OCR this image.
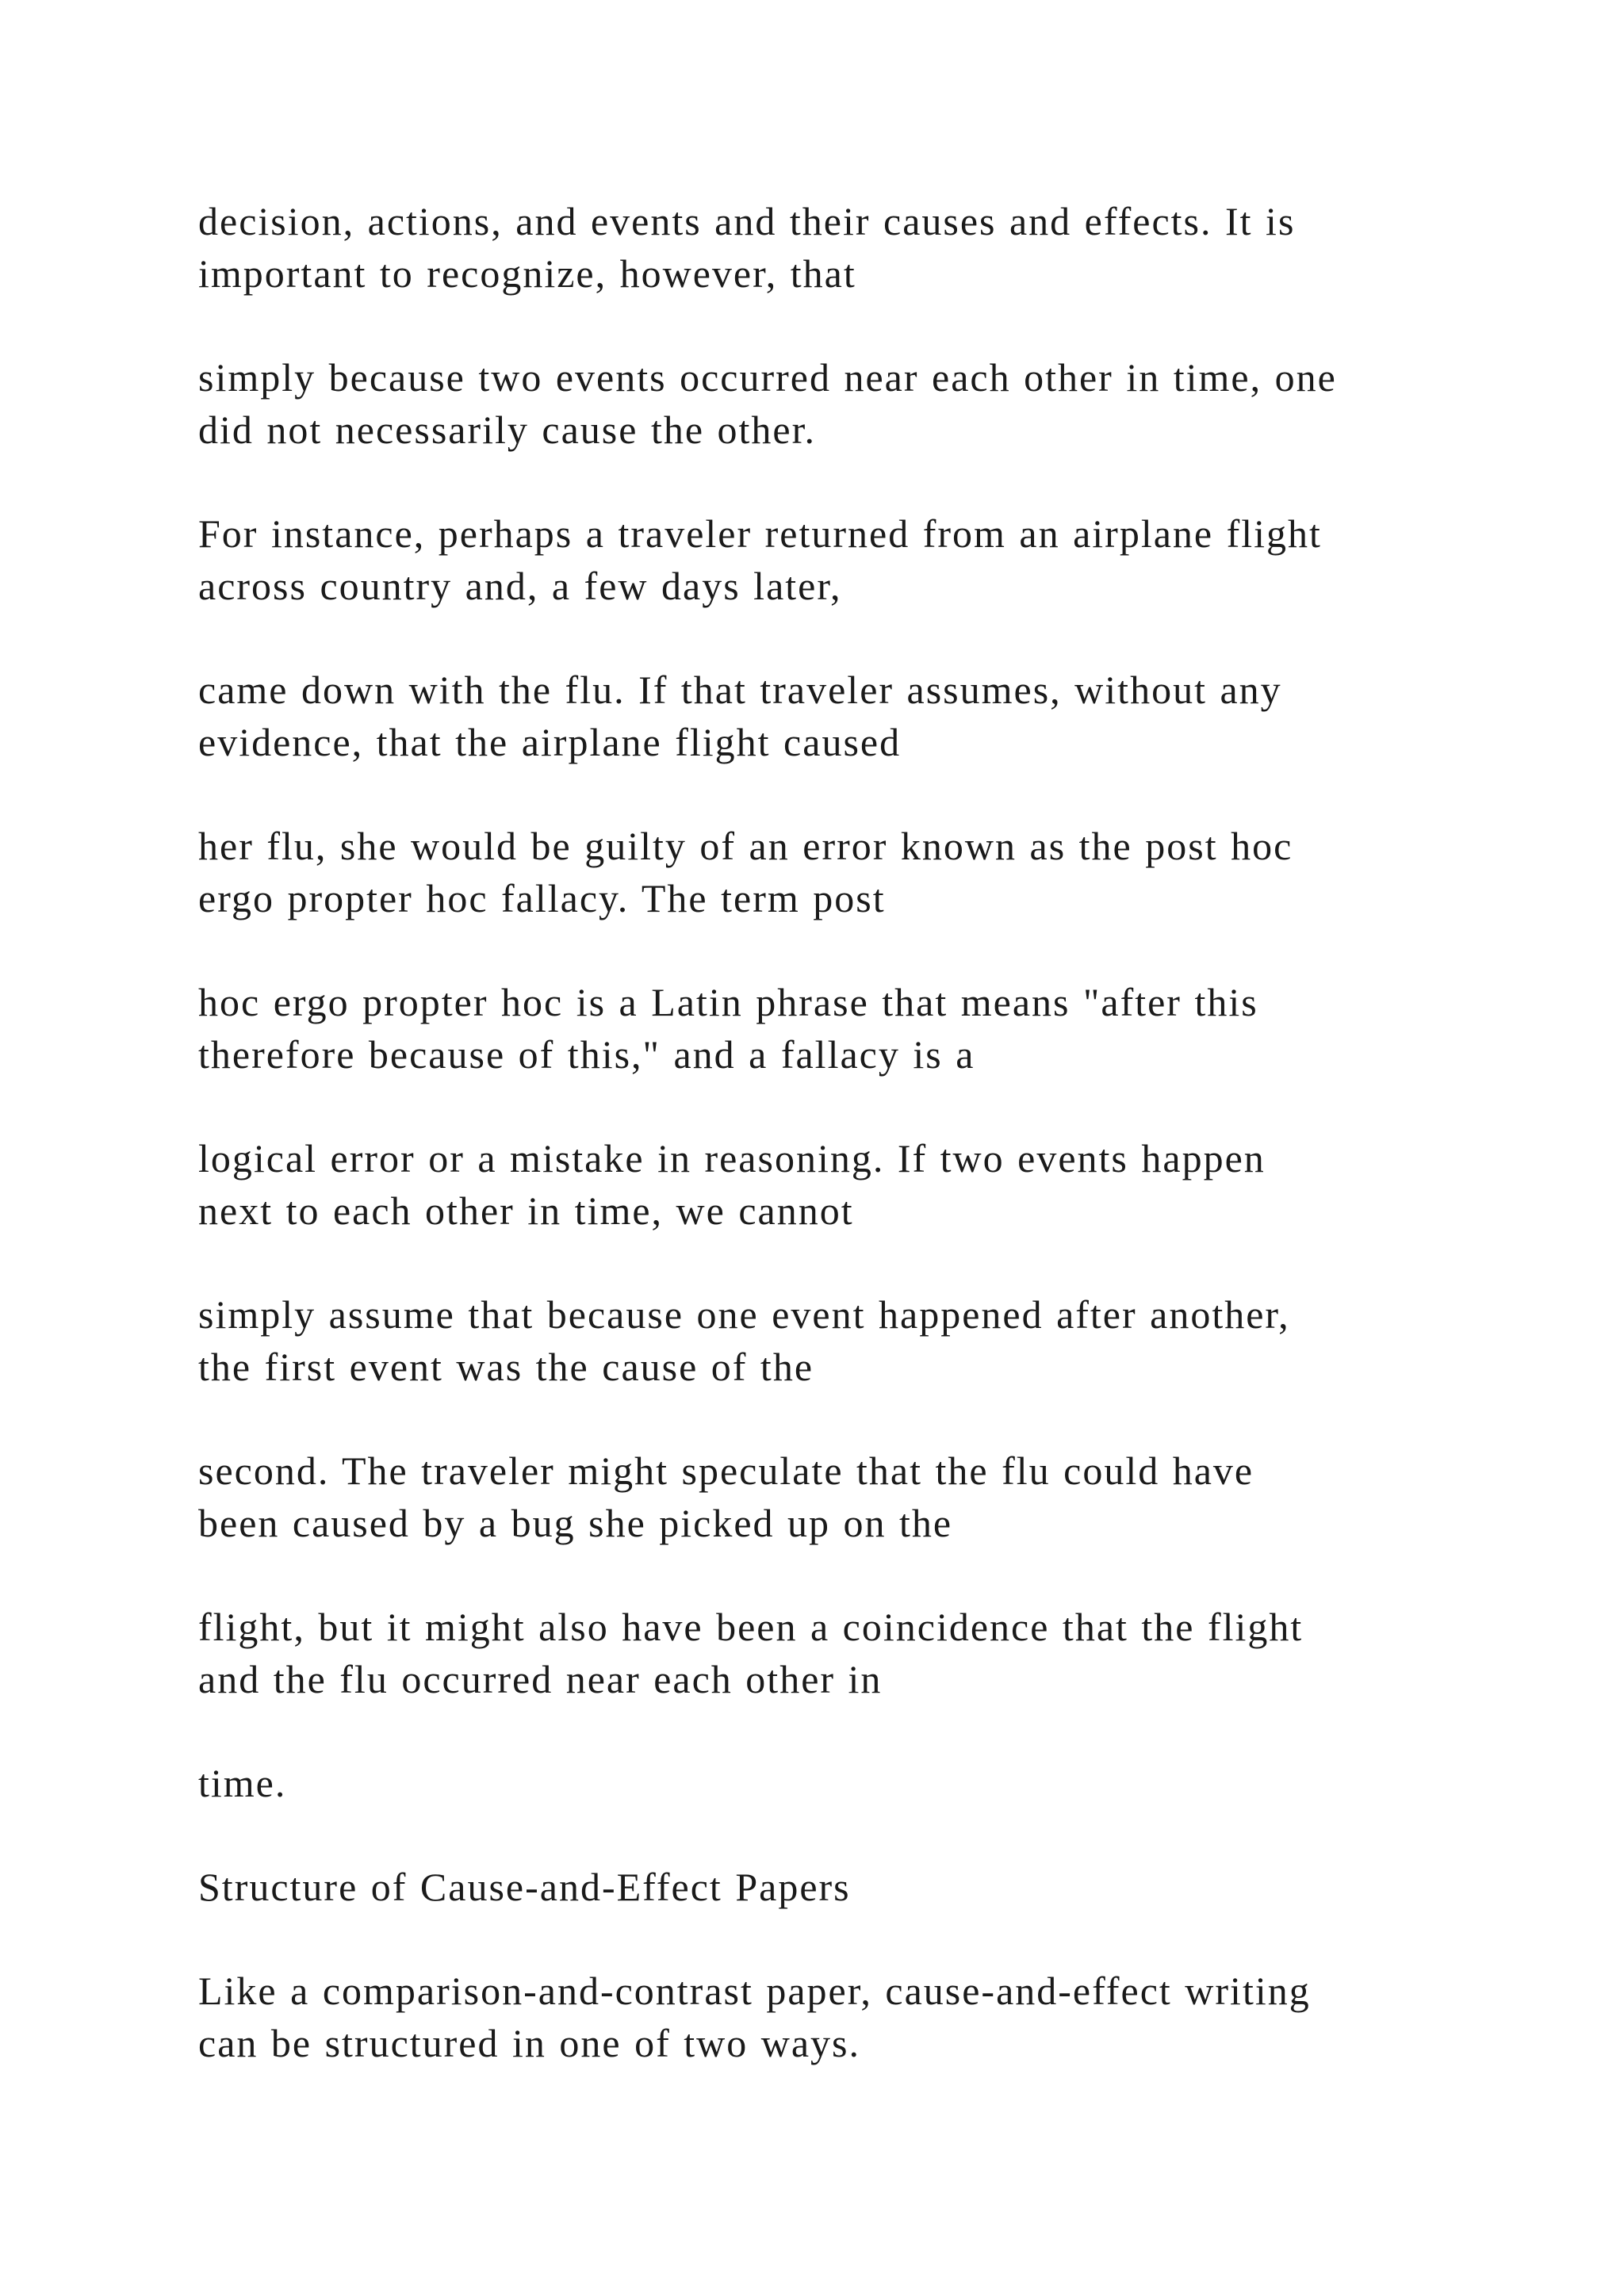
decision, actions, and events and their causes and effects. It is
important to recognize, however, that

simply because two events occurred near each other in time, one
did not necessarily cause the other.

For instance, perhaps a traveler returned from an airplane flight
across country and, a few days later,

came down with the flu. If that traveler assumes, without any
evidence, that the airplane flight caused

her flu, she would be guilty of an error known as the post hoc
ergo propter hoc fallacy. The term post

hoc ergo propter hoc is a Latin phrase that means "after this
therefore because of this," and a fallacy is a

logical error or a mistake in reasoning. If two events happen
next to each other in time, we cannot

simply assume that because one event happened after another,
the first event was the cause of the

second. The traveler might speculate that the flu could have
been caused by a bug she picked up on the

flight, but it might also have been a coincidence that the flight
and the flu occurred near each other in

time.

Structure of Cause-and-Effect Papers

Like a comparison-and-contrast paper, cause-and-effect writing
can be structured in one of two ways.
